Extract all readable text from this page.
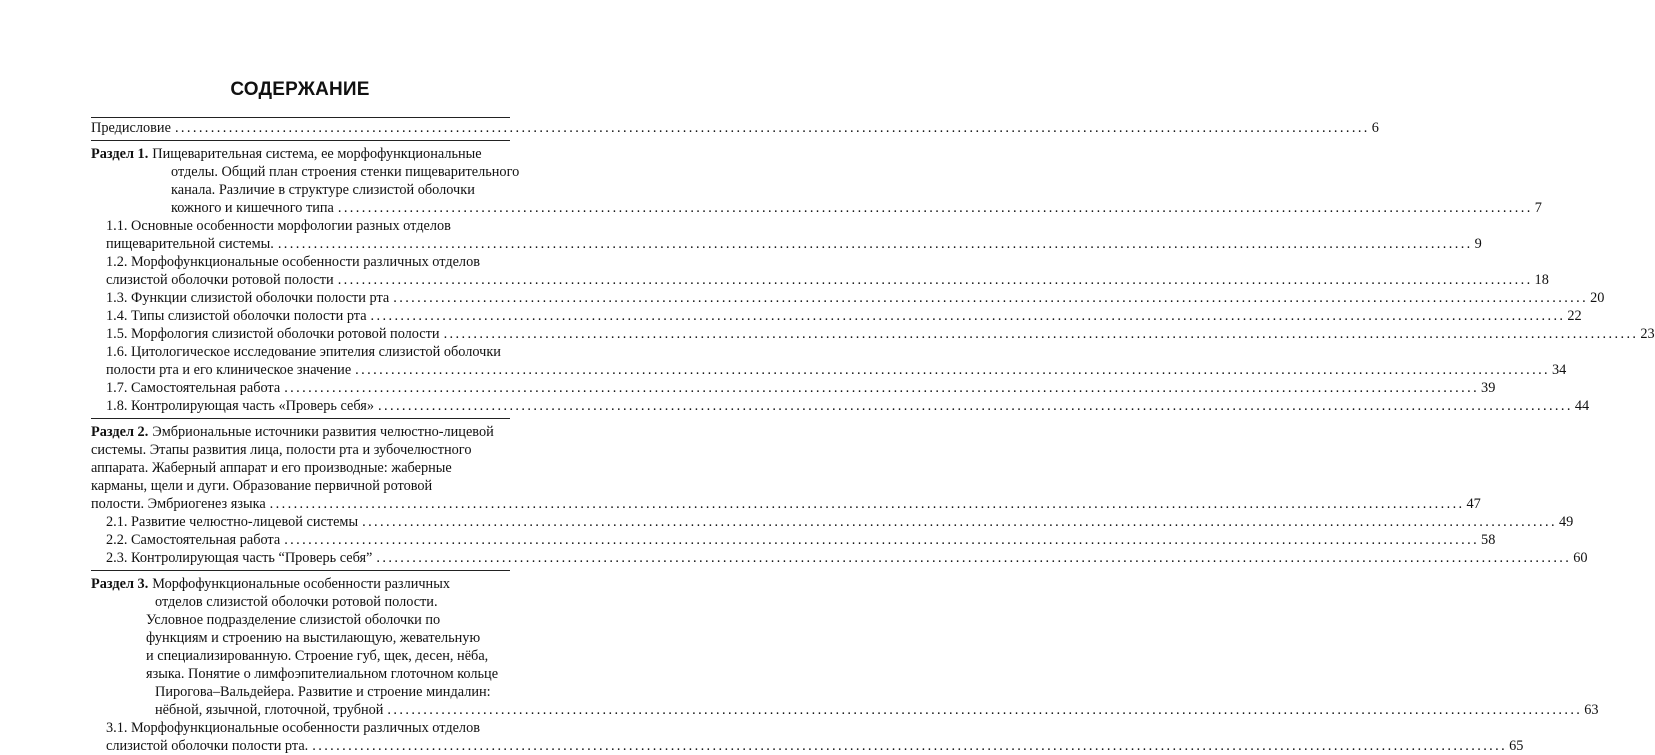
СОДЕРЖАНИЕ
Предисловие ........................................................................................................................................................................................................ 6
Раздел 1. Пищеварительная система, ее морфофункциональные
отделы. Общий план строения стенки пищеварительного
канала. Различие в структуре слизистой оболочки
кожного и кишечного типа ........................................................................................................................................................................................................ 7
1.1. Основные особенности морфологии разных отделов
пищеварительной системы. ........................................................................................................................................................................................................ 9
1.2. Морфофункциональные особенности различных отделов
слизистой оболочки ротовой полости ........................................................................................................................................................................................................ 18
1.3. Функции слизистой оболочки полости рта ........................................................................................................................................................................................................ 20
1.4. Типы слизистой оболочки полости рта ........................................................................................................................................................................................................ 22
1.5. Морфология слизистой оболочки ротовой полости ........................................................................................................................................................................................................ 23
1.6. Цитологическое исследование эпителия слизистой оболочки
полости рта и его клиническое значение ........................................................................................................................................................................................................ 34
1.7. Самостоятельная работа ........................................................................................................................................................................................................ 39
1.8. Контролирующая часть «Проверь себя» ........................................................................................................................................................................................................ 44
Раздел 2. Эмбриональные источники развития челюстно-лицевой
системы. Этапы развития лица, полости рта и зубочелюстного
аппарата. Жаберный аппарат и его производные: жаберные
карманы, щели и дуги. Образование первичной ротовой
полости. Эмбриогенез языка ........................................................................................................................................................................................................ 47
2.1. Развитие челюстно-лицевой системы ........................................................................................................................................................................................................ 49
2.2. Самостоятельная работа ........................................................................................................................................................................................................ 58
2.3. Контролирующая часть “Проверь себя” ........................................................................................................................................................................................................ 60
Раздел 3. Морфофункциональные особенности различных
отделов слизистой оболочки ротовой полости.
Условное подразделение слизистой оболочки по
функциям и строению на выстилающую, жевательную
и специализированную. Строение губ, щек, десен, нёба,
языка. Понятие о лимфоэпителиальном глоточном кольце
Пирогова–Вальдейера. Развитие и строение миндалин:
нёбной, язычной, глоточной, трубной ........................................................................................................................................................................................................ 63
3.1. Морфофункциональные особенности различных отделов
слизистой оболочки полости рта. ........................................................................................................................................................................................................ 65
